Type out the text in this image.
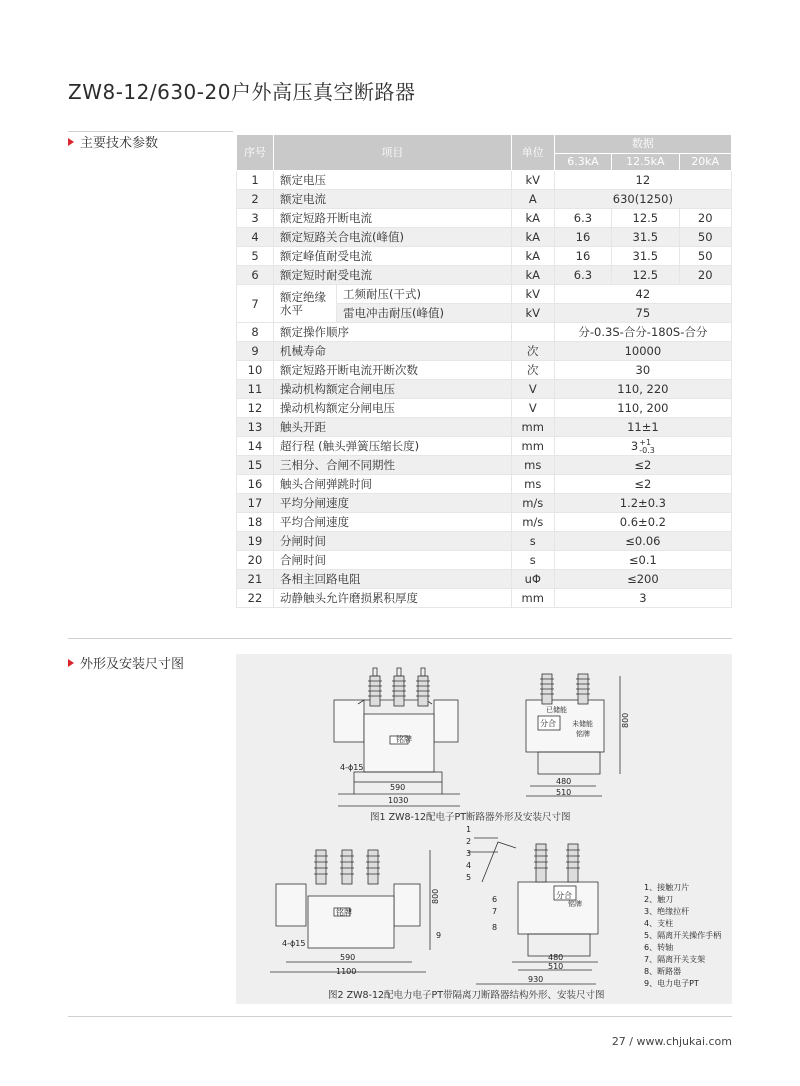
ZW8-12/630-20户外高压真空断路器
主要技术参数
序号	项目		单位	数据		
				6.3kA	12.5kA	20kA
1	额定电压		kV	12		
2	额定电流		A	630(1250)		
3	额定短路开断电流		kA	6.3	12.5	20
4	额定短路关合电流(峰值)		kA	16	31.5	50
5	额定峰值耐受电流		kA	16	31.5	50
6	额定短时耐受电流		kA	6.3	12.5	20
7	额定绝缘水平	工频耐压(干式)	kV	42		
		雷电冲击耐压(峰值)	kV	75		
8	额定操作顺序			分-0.3S-合分-180S-合分		
9	机械寿命		次	10000		
10	额定短路开断电流开断次数		次	30		
11	操动机构额定合闸电压		V	110, 220		
12	操动机构额定分闸电压		V	110, 200		
13	触头开距		mm	11±1		
14	超行程 (触头弹簧压缩长度)		mm	3+1
-0.3		
15	三相分、合闸不同期性		ms	≤2		
16	触头合闸弹跳时间		ms	≤2		
17	平均分闸速度		m/s	1.2±0.3		
18	平均合闸速度		m/s	0.6±0.2		
19	分闸时间		s	≤0.06		
20	合闸时间		s	≤0.1		
21	各相主回路电阻		uΦ	≤200		
22	动静触头允许磨损累积厚度		mm	3		
外形及安装尺寸图
铭牌
4-ϕ15
590
1030
分合
已储能
未储能
铭牌
800
480
510
图1 ZW8-12配电子PT断路器外形及安装尺寸图
铭牌
4-ϕ15
590
1100
9
800	分合
铭牌
480
510
930
1
2
3
4
5
6
7
8
1、接触刀片
2、触刀
3、绝缘拉杆
4、支柱
5、隔离开关操作手柄
6、转轴
7、隔离开关支架
8、断路器
9、电力电子PT
图2 ZW8-12配电力电子PT带隔离刀断路器结构外形、安装尺寸图
27 / www.chjukai.com
